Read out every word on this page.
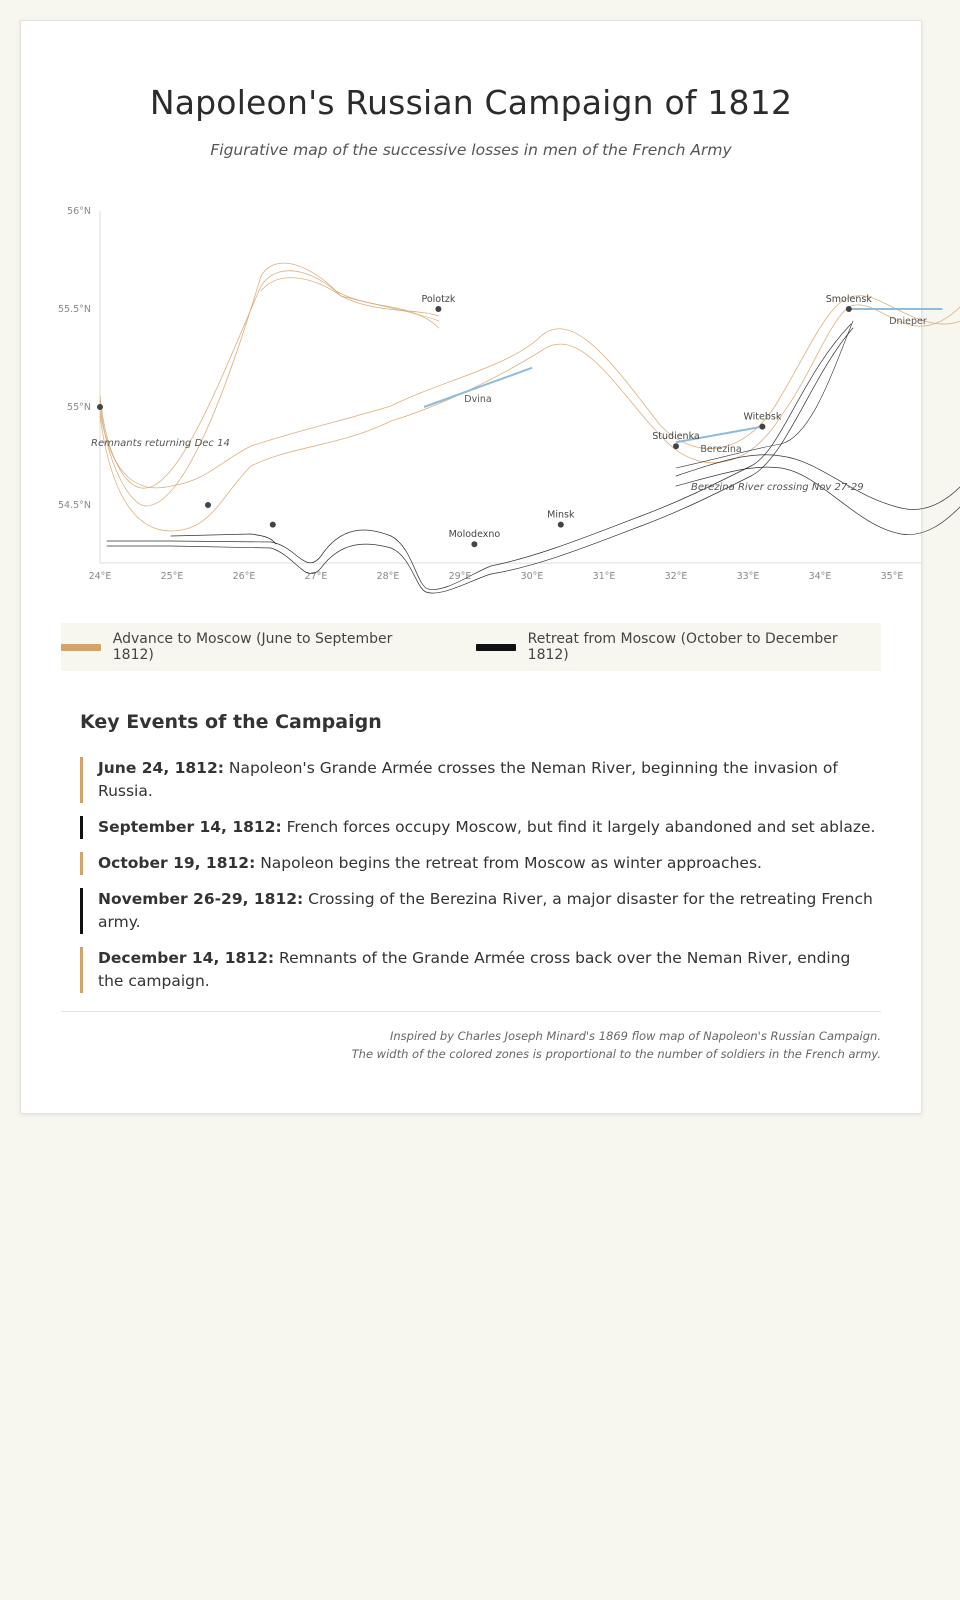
Napoleon's Russian Campaign of 1812
Figurative map of the successive losses in men of the French Army
24°E	25°E	26°E	27°E	28°E	29°E	30°E	31°E	32°E	33°E	34°E	35°E
56°N
55.5°N
55°N
54.5°N
Dvina
Berezina
Dnieper
Polotzk	Smolensk
Witebsk
Studienka
Minsk
Molodexno
Remnants returning Dec 14
Berezina River crossing Nov 27-29
Advance to Moscow (June to September 1812)
Retreat from Moscow (October to December 1812)
Key Events of the Campaign
June 24, 1812: Napoleon's Grande Armée crosses the Neman River, beginning the invasion of Russia.
September 14, 1812: French forces occupy Moscow, but find it largely abandoned and set ablaze.
October 19, 1812: Napoleon begins the retreat from Moscow as winter approaches.
November 26-29, 1812: Crossing of the Berezina River, a major disaster for the retreating French army.
December 14, 1812: Remnants of the Grande Armée cross back over the Neman River, ending the campaign.
Inspired by Charles Joseph Minard's 1869 flow map of Napoleon's Russian Campaign.
The width of the colored zones is proportional to the number of soldiers in the French army.
